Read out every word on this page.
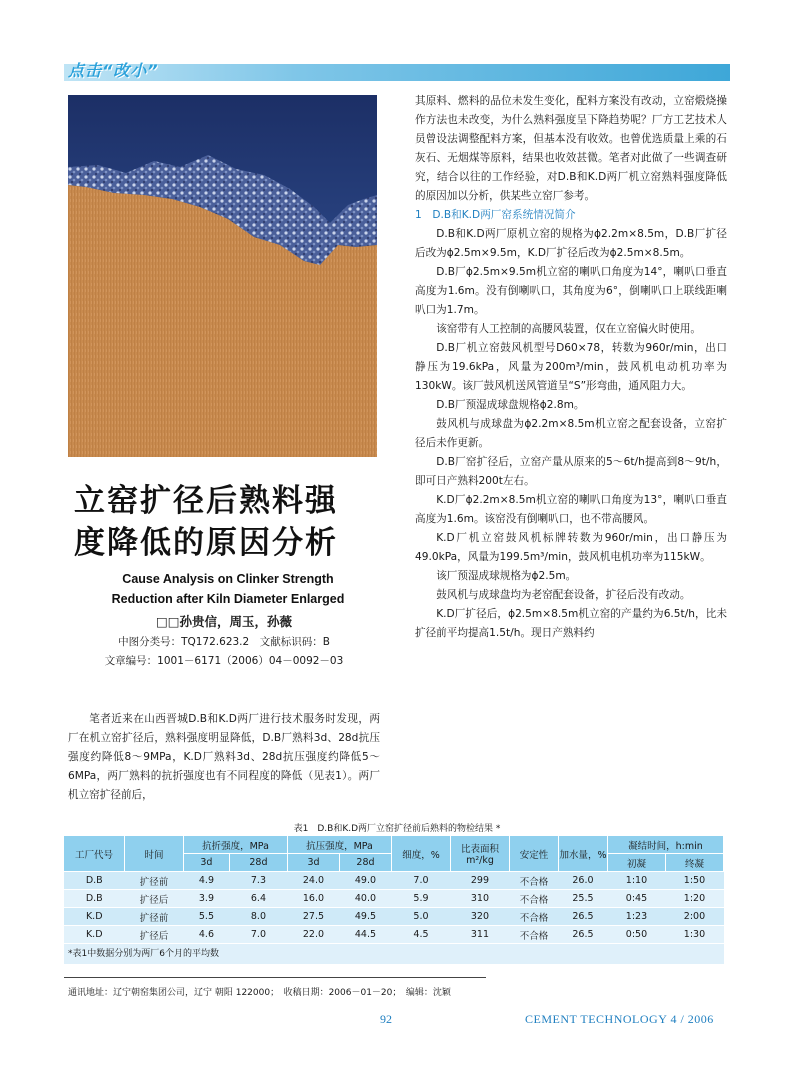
点击“改小”
立窑扩径后熟料强
度降低的原因分析
Cause Analysis on Clinker Strength
Reduction after Kiln Diameter Enlarged
□□孙贵信，周玉，孙薇
中图分类号：TQ172.623.2　文献标识码：B
文章编号：1001－6171（2006）04－0092－03

笔者近来在山西晋城D.B和K.D两厂进行技术服务时发现，两厂在机立窑扩径后，熟料强度明显降低，D.B厂熟料3d、28d抗压强度约降低8～9MPa，K.D厂熟料3d、28d抗压强度约降低5～6MPa，两厂熟料的抗折强度也有不同程度的降低（见表1）。两厂机立窑扩径前后，

其原料、燃料的品位未发生变化，配料方案没有改动，立窑煅烧操作方法也未改变，为什么熟料强度呈下降趋势呢？厂方工艺技术人员曾设法调整配料方案，但基本没有收效。也曾优选质量上乘的石灰石、无烟煤等原料，结果也收效甚微。笔者对此做了一些调查研究，结合以往的工作经验，对D.B和K.D两厂机立窑熟料强度降低的原因加以分析，供某些立窑厂参考。

1　D.B和K.D两厂窑系统情况简介

D.B和K.D两厂原机立窑的规格为ϕ2.2m×8.5m，D.B厂扩径后改为ϕ2.5m×9.5m，K.D厂扩径后改为ϕ2.5m×8.5m。

D.B厂ϕ2.5m×9.5m机立窑的喇叭口角度为14°，喇叭口垂直高度为1.6m。没有倒喇叭口，其角度为6°，倒喇叭口上联线距喇叭口为1.7m。

该窑带有人工控制的高腰风装置，仅在立窑偏火时使用。

D.B厂机立窑鼓风机型号D60×78，转数为960r/min，出口静压为19.6kPa，风量为200m³/min，鼓风机电动机功率为130kW。该厂鼓风机送风管道呈“S”形弯曲，通风阻力大。

D.B厂预湿成球盘规格ϕ2.8m。

鼓风机与成球盘为ϕ2.2m×8.5m机立窑之配套设备，立窑扩径后未作更新。

D.B厂窑扩径后，立窑产量从原来的5～6t/h提高到8～9t/h，即可日产熟料200t左右。

K.D厂ϕ2.2m×8.5m机立窑的喇叭口角度为13°，喇叭口垂直高度为1.6m。该窑没有倒喇叭口，也不带高腰风。

K.D厂机立窑鼓风机标牌转数为960r/min，出口静压为49.0kPa，风量为199.5m³/min，鼓风机电机功率为115kW。

该厂预湿成球规格为ϕ2.5m。

鼓风机与成球盘均为老窑配套设备，扩径后没有改动。

K.D厂扩径后，ϕ2.5m×8.5m机立窑的产量约为6.5t/h，比未扩径前平均提高1.5t/h。现日产熟料约

表1　D.B和K.D两厂立窑扩径前后熟料的物检结果 *
工厂代号	时间	抗折强度，MPa		抗压强度，MPa		细度，%	比表面积m²/kg	安定性	加水量，%	凝结时间，h:min	
		3d	28d	3d	28d					初凝	终凝
D.B	扩径前	4.9	7.3	24.0	49.0	7.0	299	不合格	26.0	1:10	1:50
D.B	扩径后	3.9	6.4	16.0	40.0	5.9	310	不合格	25.5	0:45	1:20
K.D	扩径前	5.5	8.0	27.5	49.5	5.0	320	不合格	26.5	1:23	2:00
K.D	扩径后	4.6	7.0	22.0	44.5	4.5	311	不合格	26.5	0:50	1:30
*表1中数据分别为两厂6个月的平均数
通讯地址：辽宁朝窑集团公司，辽宁 朝阳 122000；　收稿日期：2006－01－20；　编辑：沈颖
92	CEMENT TECHNOLOGY 4 / 2006
